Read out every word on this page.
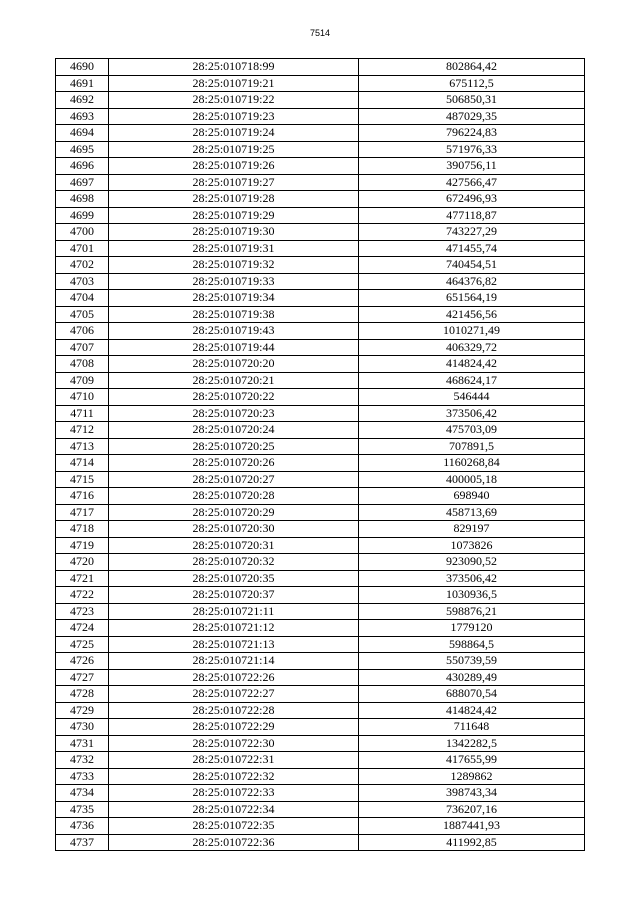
7514
4690	28:25:010718:99	802864,42
4691	28:25:010719:21	675112,5
4692	28:25:010719:22	506850,31
4693	28:25:010719:23	487029,35
4694	28:25:010719:24	796224,83
4695	28:25:010719:25	571976,33
4696	28:25:010719:26	390756,11
4697	28:25:010719:27	427566,47
4698	28:25:010719:28	672496,93
4699	28:25:010719:29	477118,87
4700	28:25:010719:30	743227,29
4701	28:25:010719:31	471455,74
4702	28:25:010719:32	740454,51
4703	28:25:010719:33	464376,82
4704	28:25:010719:34	651564,19
4705	28:25:010719:38	421456,56
4706	28:25:010719:43	1010271,49
4707	28:25:010719:44	406329,72
4708	28:25:010720:20	414824,42
4709	28:25:010720:21	468624,17
4710	28:25:010720:22	546444
4711	28:25:010720:23	373506,42
4712	28:25:010720:24	475703,09
4713	28:25:010720:25	707891,5
4714	28:25:010720:26	1160268,84
4715	28:25:010720:27	400005,18
4716	28:25:010720:28	698940
4717	28:25:010720:29	458713,69
4718	28:25:010720:30	829197
4719	28:25:010720:31	1073826
4720	28:25:010720:32	923090,52
4721	28:25:010720:35	373506,42
4722	28:25:010720:37	1030936,5
4723	28:25:010721:11	598876,21
4724	28:25:010721:12	1779120
4725	28:25:010721:13	598864,5
4726	28:25:010721:14	550739,59
4727	28:25:010722:26	430289,49
4728	28:25:010722:27	688070,54
4729	28:25:010722:28	414824,42
4730	28:25:010722:29	711648
4731	28:25:010722:30	1342282,5
4732	28:25:010722:31	417655,99
4733	28:25:010722:32	1289862
4734	28:25:010722:33	398743,34
4735	28:25:010722:34	736207,16
4736	28:25:010722:35	1887441,93
4737	28:25:010722:36	411992,85
